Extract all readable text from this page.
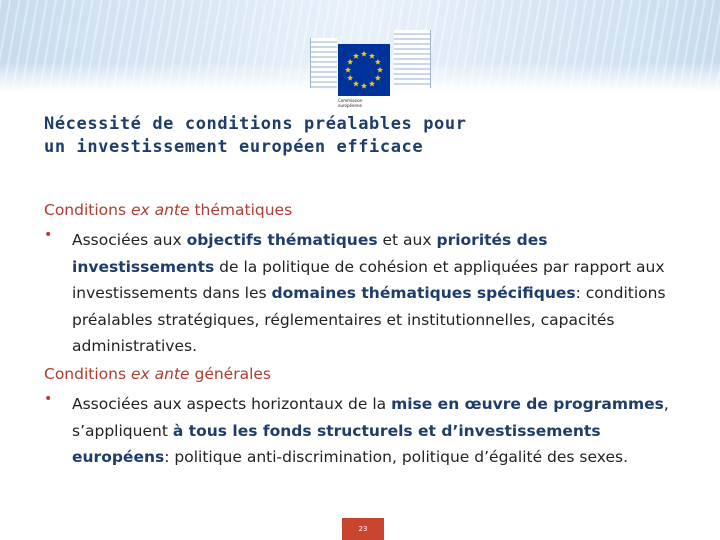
Commission
européenne
Nécessité de conditions préalables pour
un investissement européen efficace
Conditions ex ante thématiques
• Associées aux objectifs thématiques et aux priorités des investissements de la politique de cohésion et appliquées par rapport aux investissements dans les domaines thématiques spécifiques: conditions préalables stratégiques, réglementaires et institutionnelles, capacités administratives.
Conditions ex ante générales
• Associées aux aspects horizontaux de la mise en œuvre de programmes, s’appliquent à tous les fonds structurels et d’investissements européens: politique anti-discrimination, politique d’égalité des sexes.
23
